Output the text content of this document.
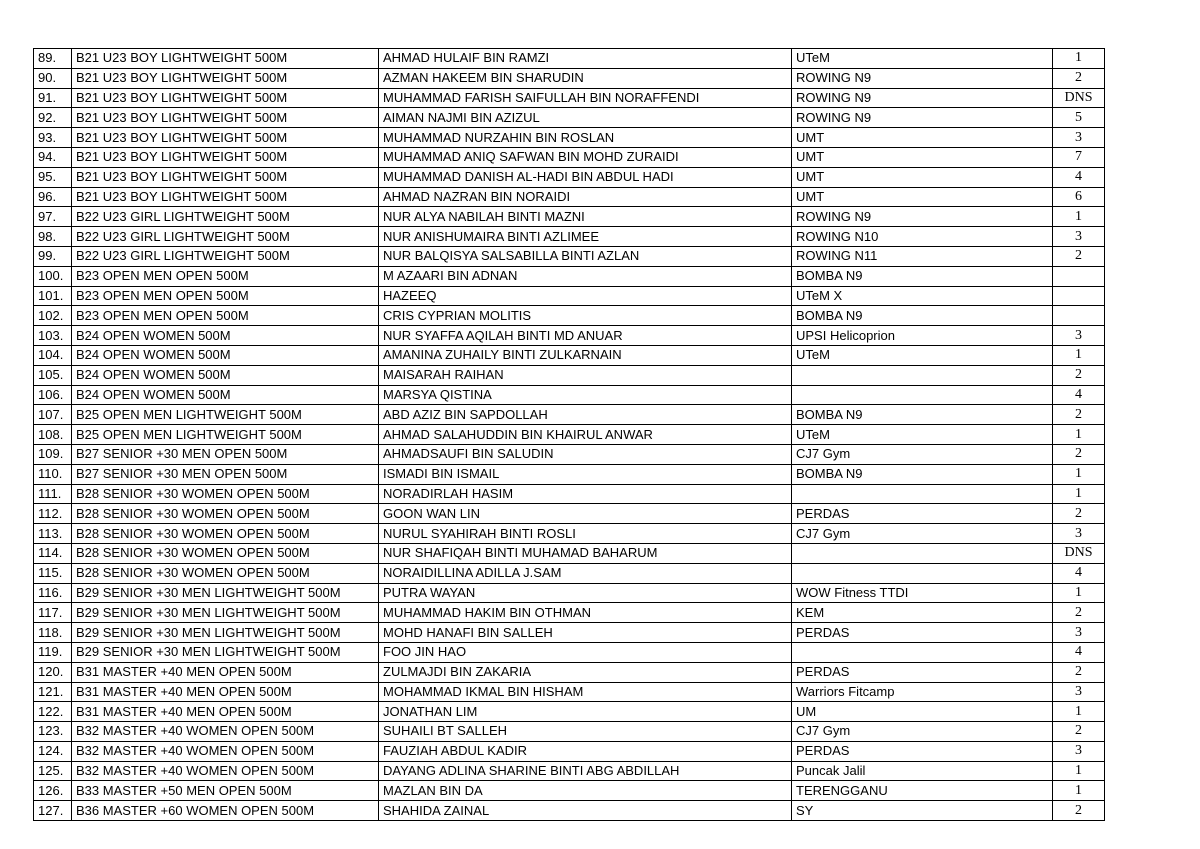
89.	B21 U23 BOY LIGHTWEIGHT 500M	AHMAD HULAIF BIN RAMZI	UTeM	1
90.	B21 U23 BOY LIGHTWEIGHT 500M	AZMAN HAKEEM BIN SHARUDIN	ROWING N9	2
91.	B21 U23 BOY LIGHTWEIGHT 500M	MUHAMMAD FARISH SAIFULLAH BIN NORAFFENDI	ROWING N9	DNS
92.	B21 U23 BOY LIGHTWEIGHT 500M	AIMAN NAJMI BIN AZIZUL	ROWING N9	5
93.	B21 U23 BOY LIGHTWEIGHT 500M	MUHAMMAD NURZAHIN BIN ROSLAN	UMT	3
94.	B21 U23 BOY LIGHTWEIGHT 500M	MUHAMMAD ANIQ SAFWAN BIN MOHD ZURAIDI	UMT	7
95.	B21 U23 BOY LIGHTWEIGHT 500M	MUHAMMAD DANISH AL-HADI BIN ABDUL HADI	UMT	4
96.	B21 U23 BOY LIGHTWEIGHT 500M	AHMAD NAZRAN BIN NORAIDI	UMT	6
97.	B22 U23 GIRL LIGHTWEIGHT 500M	NUR ALYA NABILAH BINTI MAZNI	ROWING N9	1
98.	B22 U23 GIRL LIGHTWEIGHT 500M	NUR ANISHUMAIRA BINTI AZLIMEE	ROWING N10	3
99.	B22 U23 GIRL LIGHTWEIGHT 500M	NUR BALQISYA SALSABILLA BINTI AZLAN	ROWING N11	2
100.	B23 OPEN MEN OPEN 500M	M AZAARI BIN ADNAN	BOMBA N9	
101.	B23 OPEN MEN OPEN 500M	HAZEEQ	UTeM X	
102.	B23 OPEN MEN OPEN 500M	CRIS CYPRIAN MOLITIS	BOMBA N9	
103.	B24 OPEN WOMEN 500M	NUR SYAFFA AQILAH BINTI MD ANUAR	UPSI Helicoprion	3
104.	B24 OPEN WOMEN 500M	AMANINA ZUHAILY BINTI ZULKARNAIN	UTeM	1
105.	B24 OPEN WOMEN 500M	MAISARAH RAIHAN		2
106.	B24 OPEN WOMEN 500M	MARSYA QISTINA		4
107.	B25 OPEN MEN LIGHTWEIGHT 500M	ABD AZIZ BIN SAPDOLLAH	BOMBA N9	2
108.	B25 OPEN MEN LIGHTWEIGHT 500M	AHMAD SALAHUDDIN BIN KHAIRUL ANWAR	UTeM	1
109.	B27 SENIOR +30 MEN OPEN 500M	AHMADSAUFI BIN SALUDIN	CJ7 Gym	2
110.	B27 SENIOR +30 MEN OPEN 500M	ISMADI BIN ISMAIL	BOMBA N9	1
111.	B28 SENIOR +30 WOMEN OPEN 500M	NORADIRLAH HASIM		1
112.	B28 SENIOR +30 WOMEN OPEN 500M	GOON WAN LIN	PERDAS	2
113.	B28 SENIOR +30 WOMEN OPEN 500M	NURUL SYAHIRAH BINTI ROSLI	CJ7 Gym	3
114.	B28 SENIOR +30 WOMEN OPEN 500M	NUR SHAFIQAH BINTI MUHAMAD BAHARUM		DNS
115.	B28 SENIOR +30 WOMEN OPEN 500M	NORAIDILLINA ADILLA J.SAM		4
116.	B29 SENIOR +30 MEN LIGHTWEIGHT 500M	PUTRA WAYAN	WOW Fitness TTDI	1
117.	B29 SENIOR +30 MEN LIGHTWEIGHT 500M	MUHAMMAD HAKIM BIN OTHMAN	KEM	2
118.	B29 SENIOR +30 MEN LIGHTWEIGHT 500M	MOHD HANAFI BIN SALLEH	PERDAS	3
119.	B29 SENIOR +30 MEN LIGHTWEIGHT 500M	FOO JIN HAO		4
120.	B31 MASTER +40 MEN OPEN 500M	ZULMAJDI BIN ZAKARIA	PERDAS	2
121.	B31 MASTER +40 MEN OPEN 500M	MOHAMMAD IKMAL BIN HISHAM	Warriors Fitcamp	3
122.	B31 MASTER +40 MEN OPEN 500M	JONATHAN LIM	UM	1
123.	B32 MASTER +40 WOMEN OPEN 500M	SUHAILI BT SALLEH	CJ7 Gym	2
124.	B32 MASTER +40 WOMEN OPEN 500M	FAUZIAH ABDUL KADIR	PERDAS	3
125.	B32 MASTER +40 WOMEN OPEN 500M	DAYANG ADLINA SHARINE BINTI ABG ABDILLAH	Puncak Jalil	1
126.	B33 MASTER +50 MEN OPEN 500M	MAZLAN BIN DA	TERENGGANU	1
127.	B36 MASTER +60 WOMEN OPEN 500M	SHAHIDA ZAINAL	SY	2
